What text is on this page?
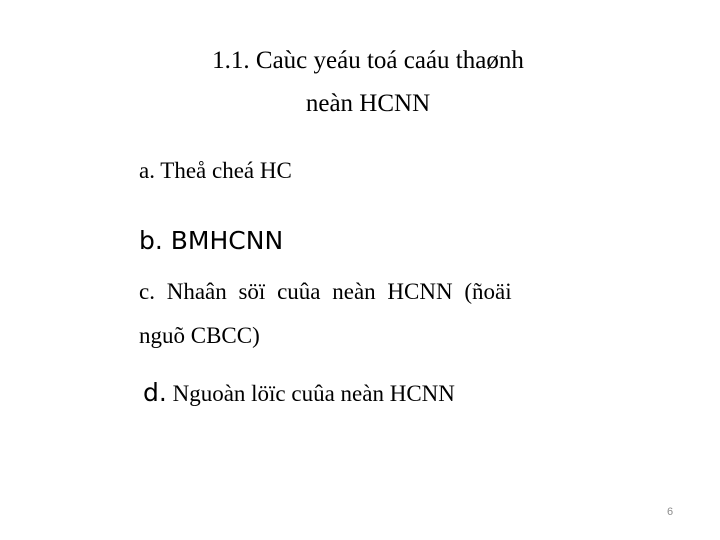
1.1. Caùc yeáu toá caáu thaønh
neàn HCNN
a. Theå cheá HC
b. BMHCNN
c. Nhaân söï cuûa neàn HCNN (ñoäi
nguõ CBCC)
d. Nguoàn löïc cuûa neàn HCNN
6
